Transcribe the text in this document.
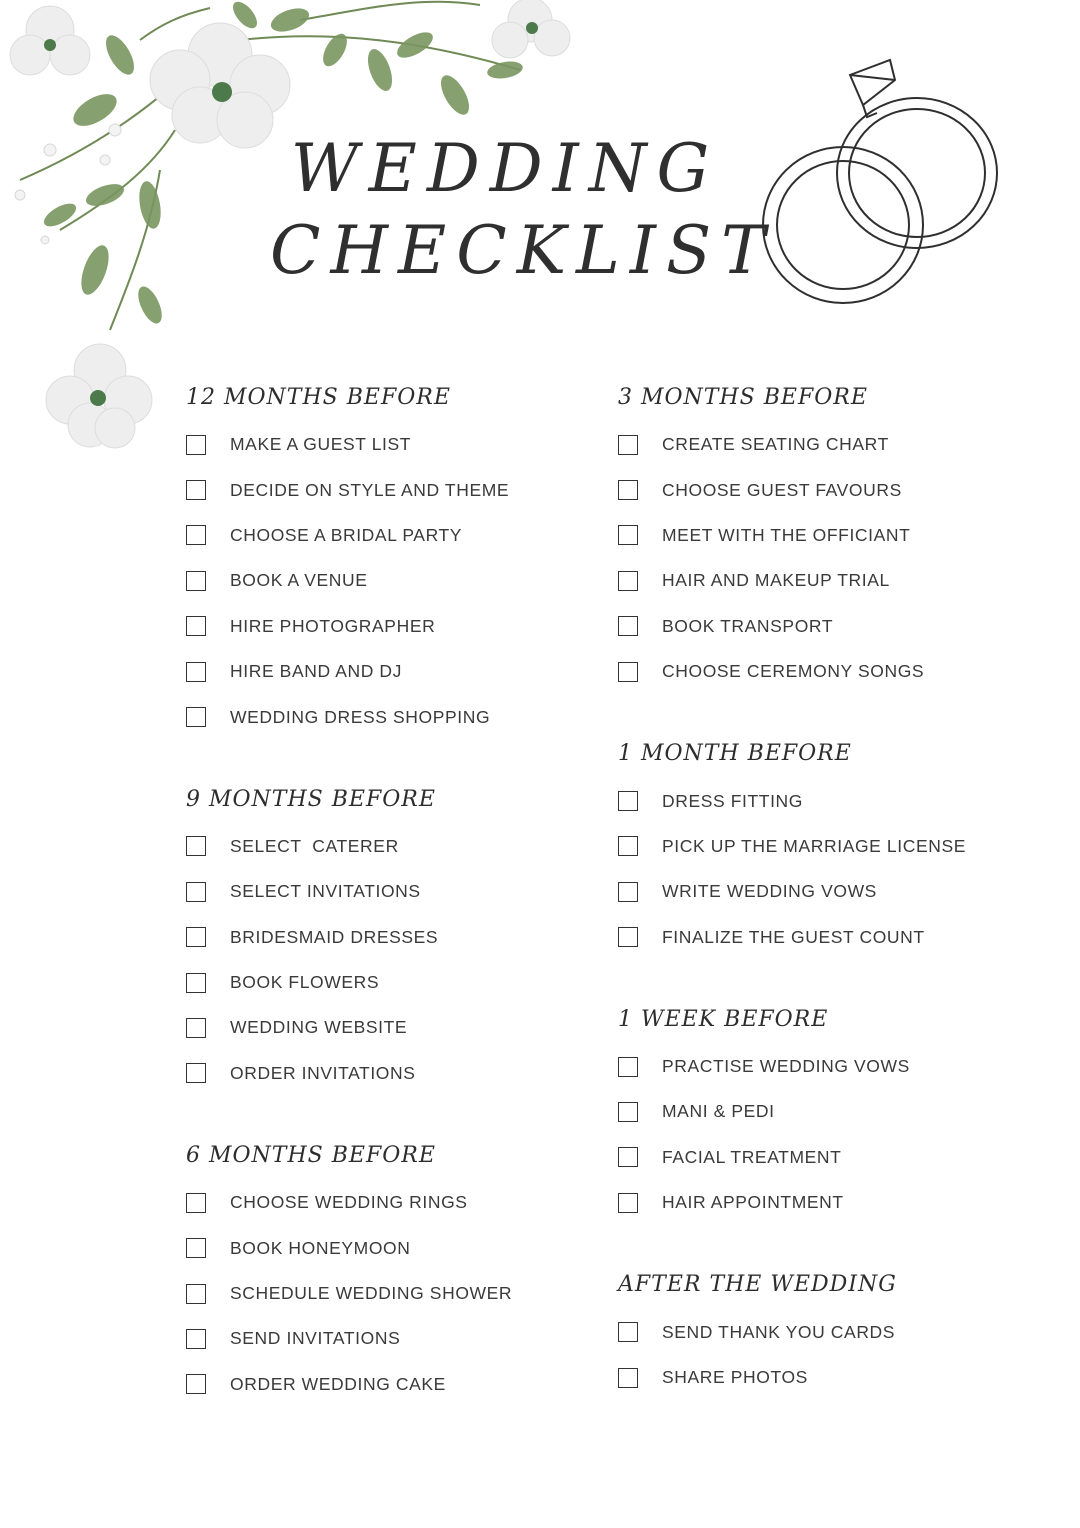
WEDDING
CHECKLIST
12 MONTHS BEFORE
MAKE A GUEST LIST
DECIDE ON STYLE AND THEME
CHOOSE A BRIDAL PARTY
BOOK A VENUE
HIRE PHOTOGRAPHER
HIRE BAND AND DJ
WEDDING DRESS SHOPPING
9 MONTHS BEFORE
SELECT  CATERER
SELECT INVITATIONS
BRIDESMAID DRESSES
BOOK FLOWERS
WEDDING WEBSITE
ORDER INVITATIONS
6 MONTHS BEFORE
CHOOSE WEDDING RINGS
BOOK HONEYMOON
SCHEDULE WEDDING SHOWER
SEND INVITATIONS
ORDER WEDDING CAKE
3 MONTHS BEFORE
CREATE SEATING CHART
CHOOSE GUEST FAVOURS
MEET WITH THE OFFICIANT
HAIR AND MAKEUP TRIAL
BOOK TRANSPORT
CHOOSE CEREMONY SONGS
1 MONTH BEFORE
DRESS FITTING
PICK UP THE MARRIAGE LICENSE
WRITE WEDDING VOWS
FINALIZE THE GUEST COUNT
1 WEEK BEFORE
PRACTISE WEDDING VOWS
MANI & PEDI
FACIAL TREATMENT
HAIR APPOINTMENT
AFTER THE WEDDING
SEND THANK YOU CARDS
SHARE PHOTOS
